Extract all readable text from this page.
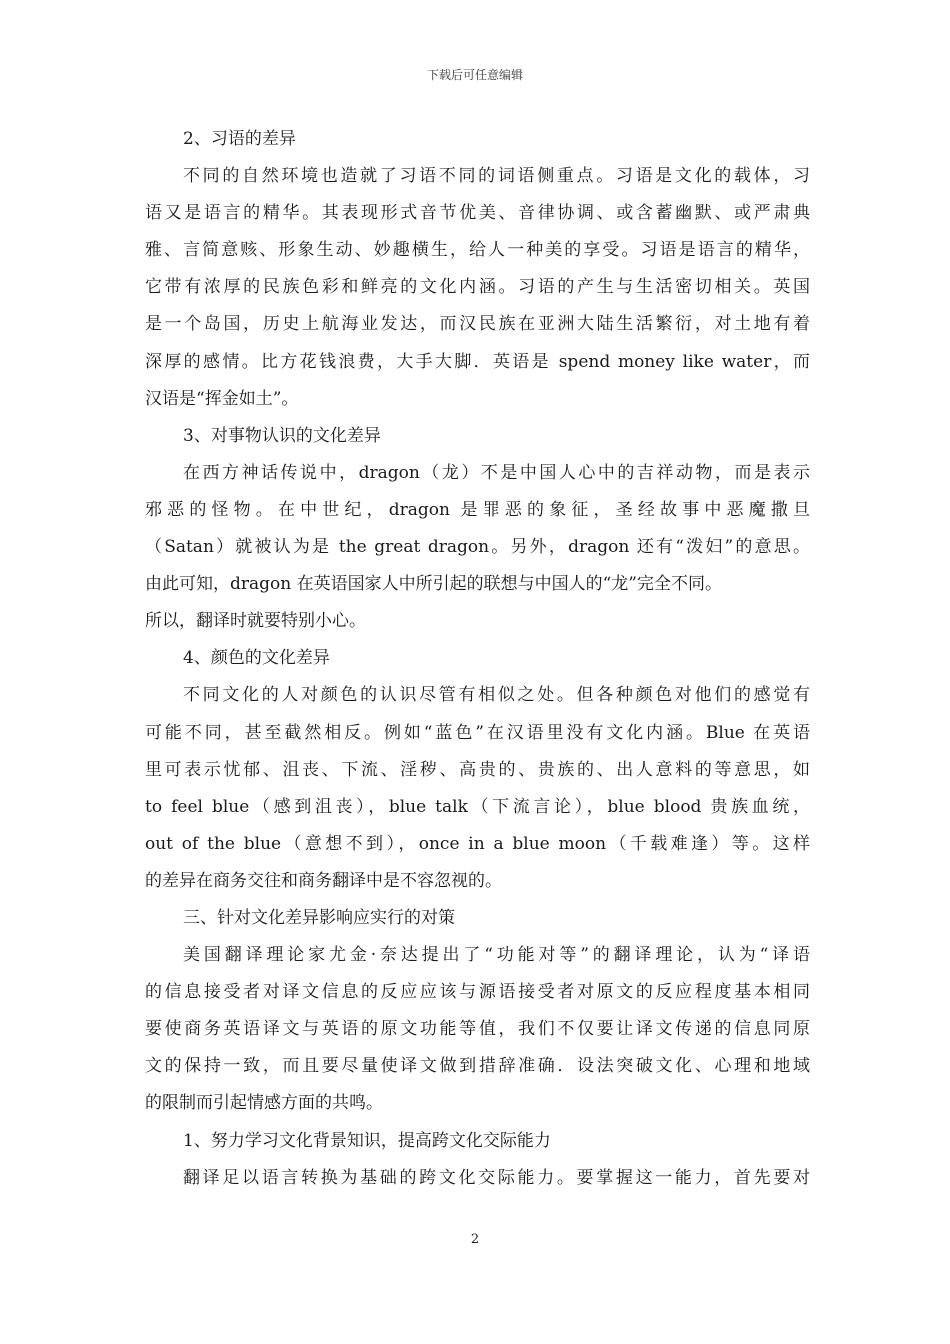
下载后可任意编辑
2、习语的差异
不同的自然环境也造就了习语不同的词语侧重点。习语是文化的载体，习
语又是语言的精华。其表现形式音节优美、音律协调、或含蓄幽默、或严肃典
雅、言简意赅、形象生动、妙趣横生，给人一种美的享受。习语是语言的精华，
它带有浓厚的民族色彩和鲜亮的文化内涵。习语的产生与生活密切相关。英国
是一个岛国，历史上航海业发达，而汉民族在亚洲大陆生活繁衍，对土地有着
深厚的感情。比方花钱浪费，大手大脚．英语是 spend money like water，而
汉语是“挥金如土”。
3、对事物认识的文化差异
在西方神话传说中，dragon（龙）不是中国人心中的吉祥动物，而是表示
邪恶的怪物。在中世纪，dragon 是罪恶的象征，圣经故事中恶魔撒旦
（Satan）就被认为是 the great dragon。另外，dragon 还有“泼妇”的意思。
由此可知，dragon 在英语国家人中所引起的联想与中国人的“龙”完全不同。
所以，翻译时就要特别小心。
4、颜色的文化差异
不同文化的人对颜色的认识尽管有相似之处。但各种颜色对他们的感觉有
可能不同，甚至截然相反。例如“蓝色”在汉语里没有文化内涵。Blue 在英语
里可表示忧郁、沮丧、下流、淫秽、高贵的、贵族的、出人意料的等意思，如
to feel blue（感到沮丧），blue talk（下流言论），blue blood 贵族血统，
out of the blue（意想不到），once in a blue moon（千载难逢）等。这样
的差异在商务交往和商务翻译中是不容忽视的。
三、针对文化差异影响应实行的对策
美国翻译理论家尤金·奈达提出了“功能对等”的翻译理论，认为“译语
的信息接受者对译文信息的反应应该与源语接受者对原文的反应程度基本相同
要使商务英语译文与英语的原文功能等值，我们不仅要让译文传递的信息同原
文的保持一致，而且要尽量使译文做到措辞准确．设法突破文化、心理和地域
的限制而引起情感方面的共鸣。
1、努力学习文化背景知识，提高跨文化交际能力
翻译足以语言转换为基础的跨文化交际能力。要掌握这一能力，首先要对
2
